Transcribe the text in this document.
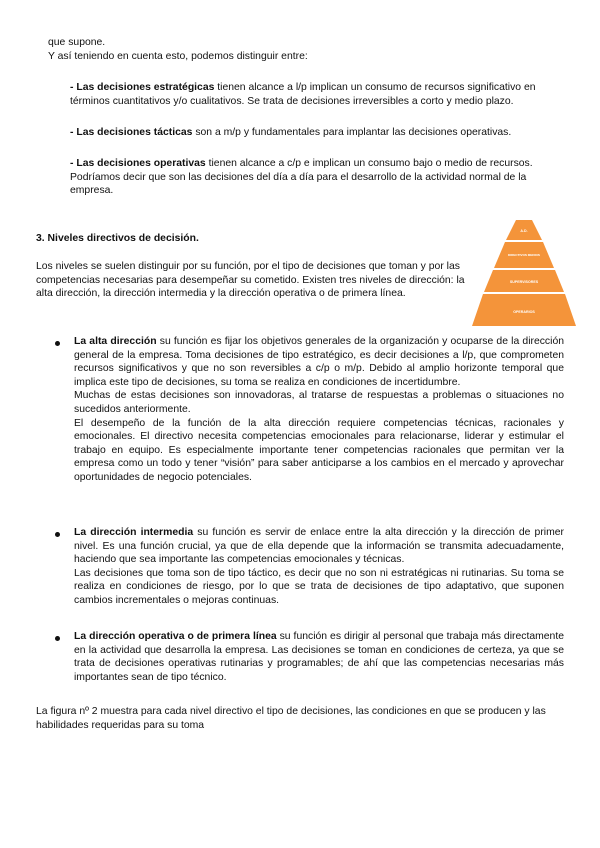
que supone.

Y así teniendo en cuenta esto, podemos distinguir entre:

- Las decisiones estratégicas tienen alcance a l/p implican un consumo de recursos significativo en términos cuantitativos y/o cualitativos. Se trata de decisiones irreversibles a corto y medio plazo.

- Las decisiones tácticas son a m/p y fundamentales para implantar las decisiones operativas.

- Las decisiones operativas tienen alcance a c/p e implican un consumo bajo o medio de recursos. Podríamos decir que son las decisiones del día a día para el desarrollo de la actividad normal de la empresa.

3. Niveles directivos de decisión.

Los niveles se suelen distinguir por su función, por el tipo de decisiones que toman y por las competencias necesarias para desempeñar su cometido. Existen tres niveles de dirección: la alta dirección, la dirección intermedia y la dirección operativa o de primera línea.

A.D.
DIRECTIVOS MEDIOS
SUPERVISORES
OPERARIOS

La alta dirección su función es fijar los objetivos generales de la organización y ocuparse de la dirección general de la empresa. Toma decisiones de tipo estratégico, es decir decisiones a l/p, que comprometen recursos significativos y que no son reversibles a c/p o m/p. Debido al amplio horizonte temporal que implica este tipo de decisiones, su toma se realiza en condiciones de incertidumbre.

Muchas de estas decisiones son innovadoras, al tratarse de respuestas a problemas o situaciones no sucedidos anteriormente.

El desempeño de la función de la alta dirección requiere competencias técnicas, racionales y emocionales. El directivo necesita competencias emocionales para relacionarse, liderar y estimular el trabajo en equipo. Es especialmente importante tener competencias racionales que permitan ver la empresa como un todo y tener “visión” para saber anticiparse a los cambios en el mercado y aprovechar oportunidades de negocio potenciales.

La dirección intermedia su función es servir de enlace entre la alta dirección y la dirección de primer nivel. Es una función crucial, ya que de ella depende que la información se transmita adecuadamente, haciendo que sea importante las competencias emocionales y técnicas.

Las decisiones que toma son de tipo táctico, es decir que no son ni estratégicas ni rutinarias. Su toma se realiza en condiciones de riesgo, por lo que se trata de decisiones de tipo adaptativo, que suponen cambios incrementales o mejoras continuas.

La dirección operativa o de primera línea su función es dirigir al personal que trabaja más directamente en la actividad que desarrolla la empresa. Las decisiones se toman en condiciones de certeza, ya que se trata de decisiones operativas rutinarias y programables; de ahí que las competencias necesarias más importantes sean de tipo técnico.

La figura nº 2 muestra para cada nivel directivo el tipo de decisiones, las condiciones en que se producen y las habilidades requeridas para su toma
